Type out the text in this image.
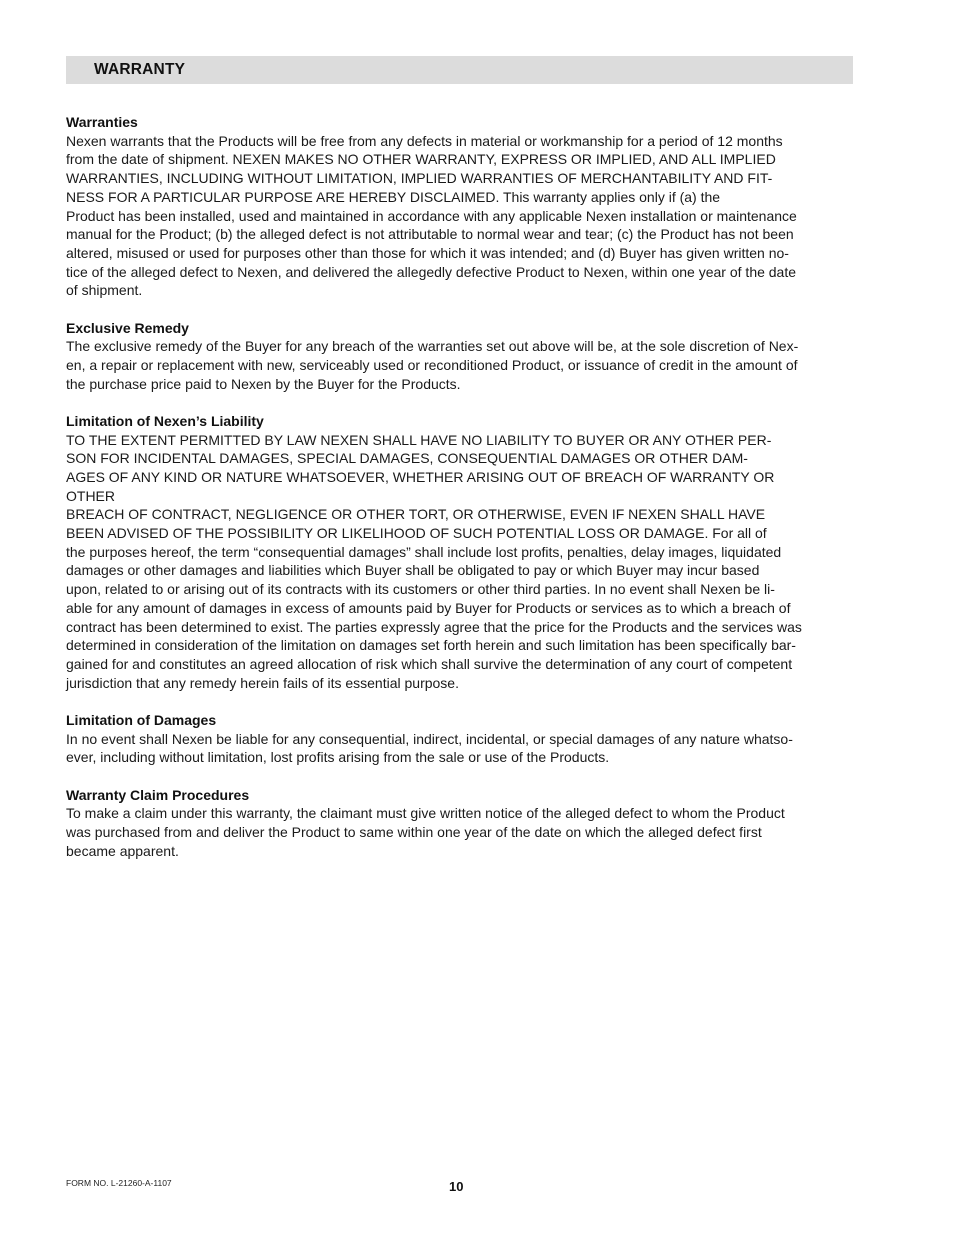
WARRANTY
Warranties

Nexen warrants that the Products will be free from any defects in material or workmanship for a period of 12 months
from the date of shipment. NEXEN MAKES NO OTHER WARRANTY, EXPRESS OR IMPLIED, AND ALL IMPLIED
WARRANTIES, INCLUDING WITHOUT LIMITATION, IMPLIED WARRANTIES OF MERCHANTABILITY AND FIT-
NESS FOR A PARTICULAR PURPOSE ARE HEREBY DISCLAIMED. This warranty applies only if (a) the
Product has been installed, used and maintained in accordance with any applicable Nexen installation or maintenance
manual for the Product; (b) the alleged defect is not attributable to normal wear and tear; (c) the Product has not been
altered, misused or used for purposes other than those for which it was intended; and (d) Buyer has given written no-
tice of the alleged defect to Nexen, and delivered the allegedly defective Product to Nexen, within one year of the date
of shipment.

Exclusive Remedy

The exclusive remedy of the Buyer for any breach of the warranties set out above will be, at the sole discretion of Nex-
en, a repair or replacement with new, serviceably used or reconditioned Product, or issuance of credit in the amount of
the purchase price paid to Nexen by the Buyer for the Products.

Limitation of Nexen’s Liability

TO THE EXTENT PERMITTED BY LAW NEXEN SHALL HAVE NO LIABILITY TO BUYER OR ANY OTHER PER-
SON FOR INCIDENTAL DAMAGES, SPECIAL DAMAGES, CONSEQUENTIAL DAMAGES OR OTHER DAM-
AGES OF ANY KIND OR NATURE WHATSOEVER, WHETHER ARISING OUT OF BREACH OF WARRANTY OR
OTHER
BREACH OF CONTRACT, NEGLIGENCE OR OTHER TORT, OR OTHERWISE, EVEN IF NEXEN SHALL HAVE
BEEN ADVISED OF THE POSSIBILITY OR LIKELIHOOD OF SUCH POTENTIAL LOSS OR DAMAGE. For all of
the purposes hereof, the term “consequential damages” shall include lost profits, penalties, delay images, liquidated
damages or other damages and liabilities which Buyer shall be obligated to pay or which Buyer may incur based
upon, related to or arising out of its contracts with its customers or other third parties. In no event shall Nexen be li-
able for any amount of damages in excess of amounts paid by Buyer for Products or services as to which a breach of
contract has been determined to exist. The parties expressly agree that the price for the Products and the services was
determined in consideration of the limitation on damages set forth herein and such limitation has been specifically bar-
gained for and constitutes an agreed allocation of risk which shall survive the determination of any court of competent
jurisdiction that any remedy herein fails of its essential purpose.

Limitation of Damages

In no event shall Nexen be liable for any consequential, indirect, incidental, or special damages of any nature whatso-
ever, including without limitation, lost profits arising from the sale or use of the Products.

Warranty Claim Procedures

To make a claim under this warranty, the claimant must give written notice of the alleged defect to whom the Product
was purchased from and deliver the Product to same within one year of the date on which the alleged defect first
became apparent.

FORM NO. L-21260-A-1107	10
